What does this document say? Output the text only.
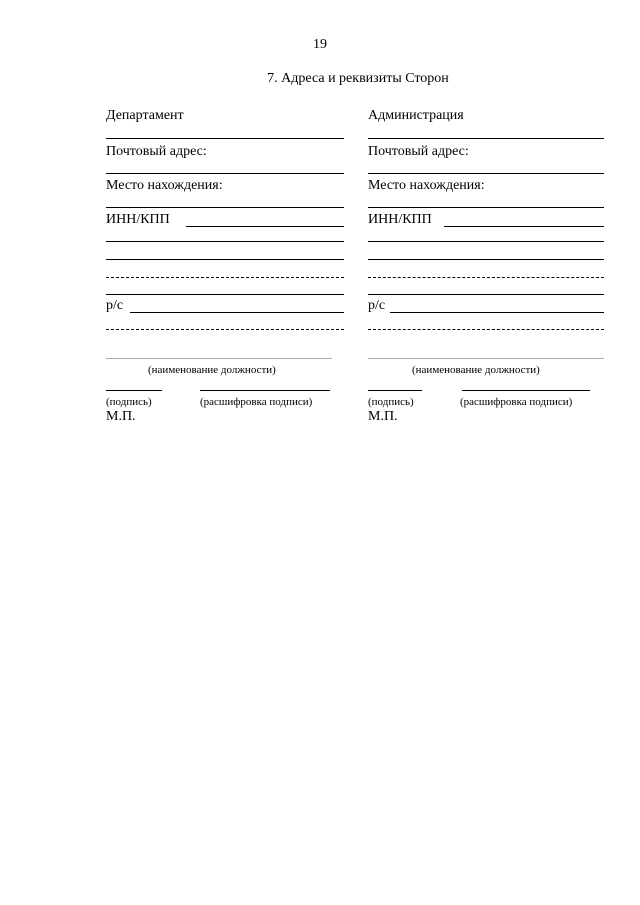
19
7. Адреса и реквизиты Сторон
Департамент
Почтовый адрес:
Место нахождения:
ИНН/КПП
р/с
(наименование должности)
(подпись)	(расшифровка подписи)
М.П.
Администрация
Почтовый адрес:
Место нахождения:
ИНН/КПП
р/с
(наименование должности)
(подпись)	(расшифровка подписи)
М.П.
